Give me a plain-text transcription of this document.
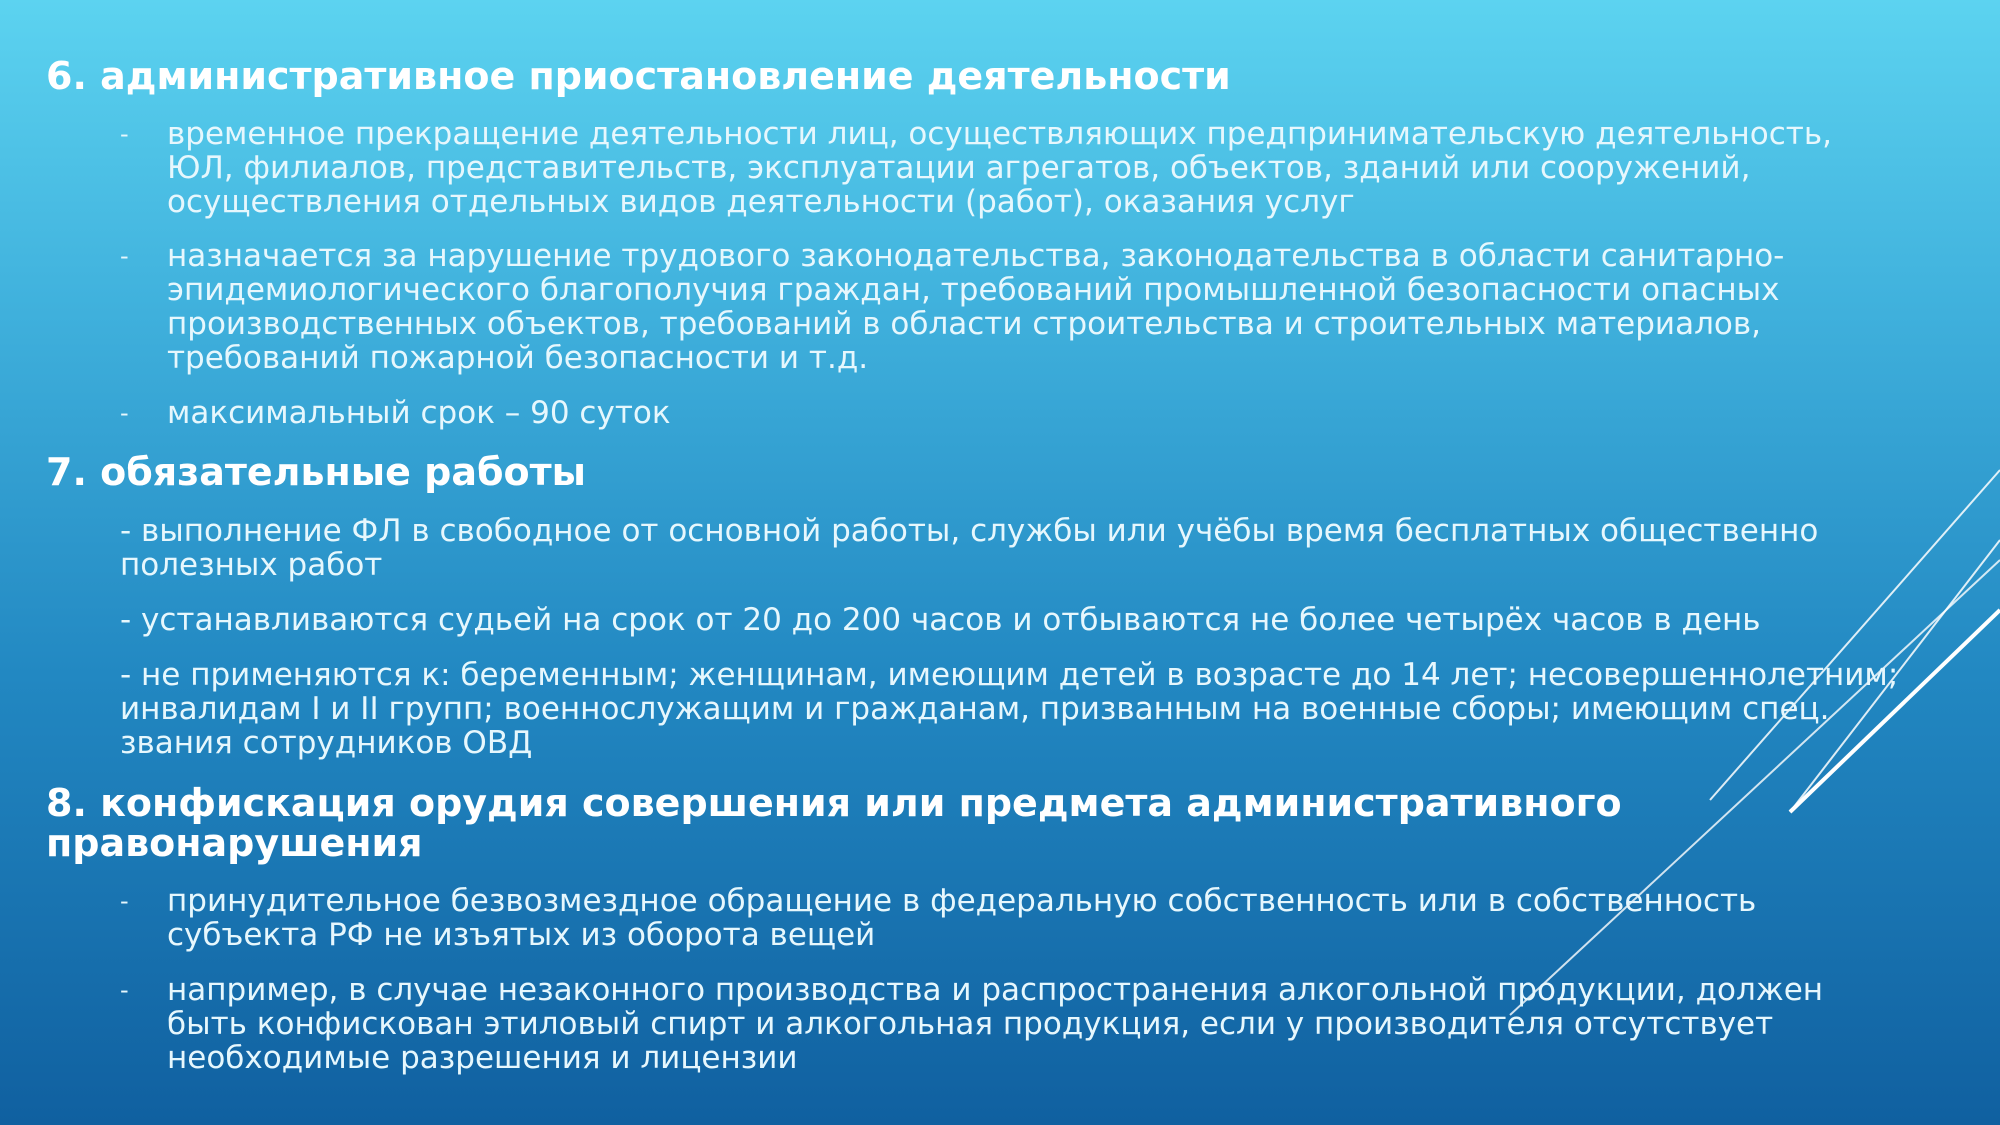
6. административное приостановление деятельности
- временное прекращение деятельности лиц, осуществляющих предпринимательскую деятельность, ЮЛ, филиалов, представительств, эксплуатации агрегатов, объектов, зданий или сооружений, осуществления отдельных видов деятельности (работ), оказания услуг
- назначается за нарушение трудового законодательства, законодательства в области санитарно-эпидемиологического благополучия граждан, требований промышленной безопасности опасных производственных объектов, требований в области строительства и строительных материалов, требований пожарной безопасности и т.д.
- максимальный срок – 90 суток
7. обязательные работы
- выполнение ФЛ в свободное от основной работы, службы или учёбы время бесплатных общественно полезных работ
- устанавливаются судьей на срок от 20 до 200 часов и отбываются не более четырёх часов в день
- не применяются к: беременным; женщинам, имеющим детей в возрасте до 14 лет; несовершеннолетним; инвалидам I и II групп; военнослужащим и гражданам, призванным на военные сборы; имеющим спец. звания сотрудников ОВД
8. конфискация орудия совершения или предмета административного правонарушения
- принудительное безвозмездное обращение в федеральную собственность или в собственность субъекта РФ не изъятых из оборота вещей
- например, в случае незаконного производства и распространения алкогольной продукции, должен быть конфискован этиловый спирт и алкогольная продукция, если у производителя отсутствует необходимые разрешения и лицензии
